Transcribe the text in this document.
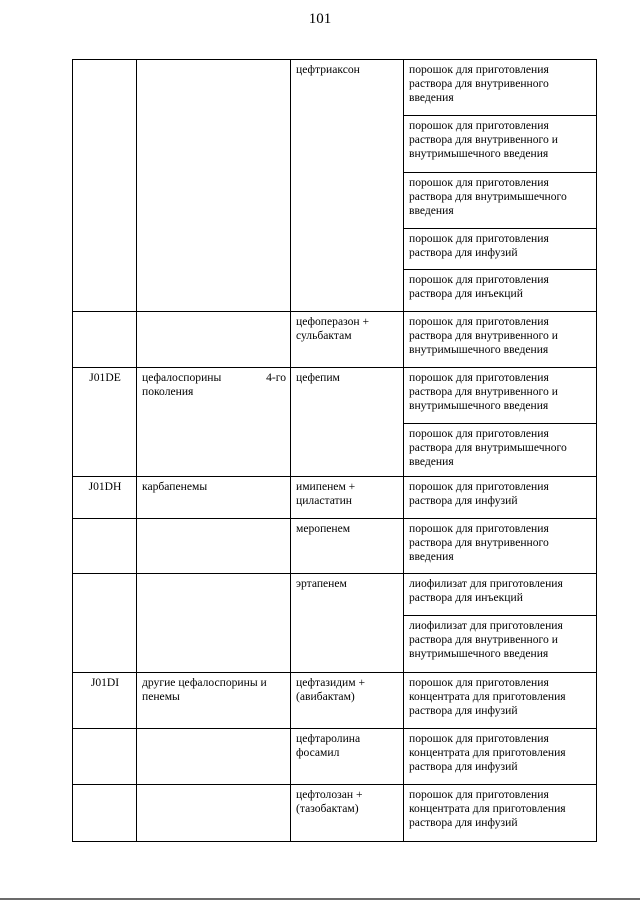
101
		цефтриаксон	порошок для приготовления раствора для внутривенного введения
			порошок для приготовления раствора для внутривенного и внутримышечного введения
			порошок для приготовления раствора для внутримышечного введения
			порошок для приготовления раствора для инфузий
			порошок для приготовления раствора для инъекций
		цефоперазон + сульбактам	порошок для приготовления раствора для внутривенного и внутримышечного введения
J01DE	цефалоспорины 4-го поколения	цефепим	порошок для приготовления раствора для внутривенного и внутримышечного введения
			порошок для приготовления раствора для внутримышечного введения
J01DH	карбапенемы	имипенем + циластатин	порошок для приготовления раствора для инфузий
		меропенем	порошок для приготовления раствора для внутривенного введения
		эртапенем	лиофилизат для приготовления раствора для инъекций
			лиофилизат для приготовления раствора для внутривенного и внутримышечного введения
J01DI	другие цефалоспорины и пенемы	цефтазидим + (авибактам)	порошок для приготовления концентрата для приготовления раствора для инфузий
		цефтаролина фосамил	порошок для приготовления концентрата для приготовления раствора для инфузий
		цефтолозан + (тазобактам)	порошок для приготовления концентрата для приготовления раствора для инфузий
